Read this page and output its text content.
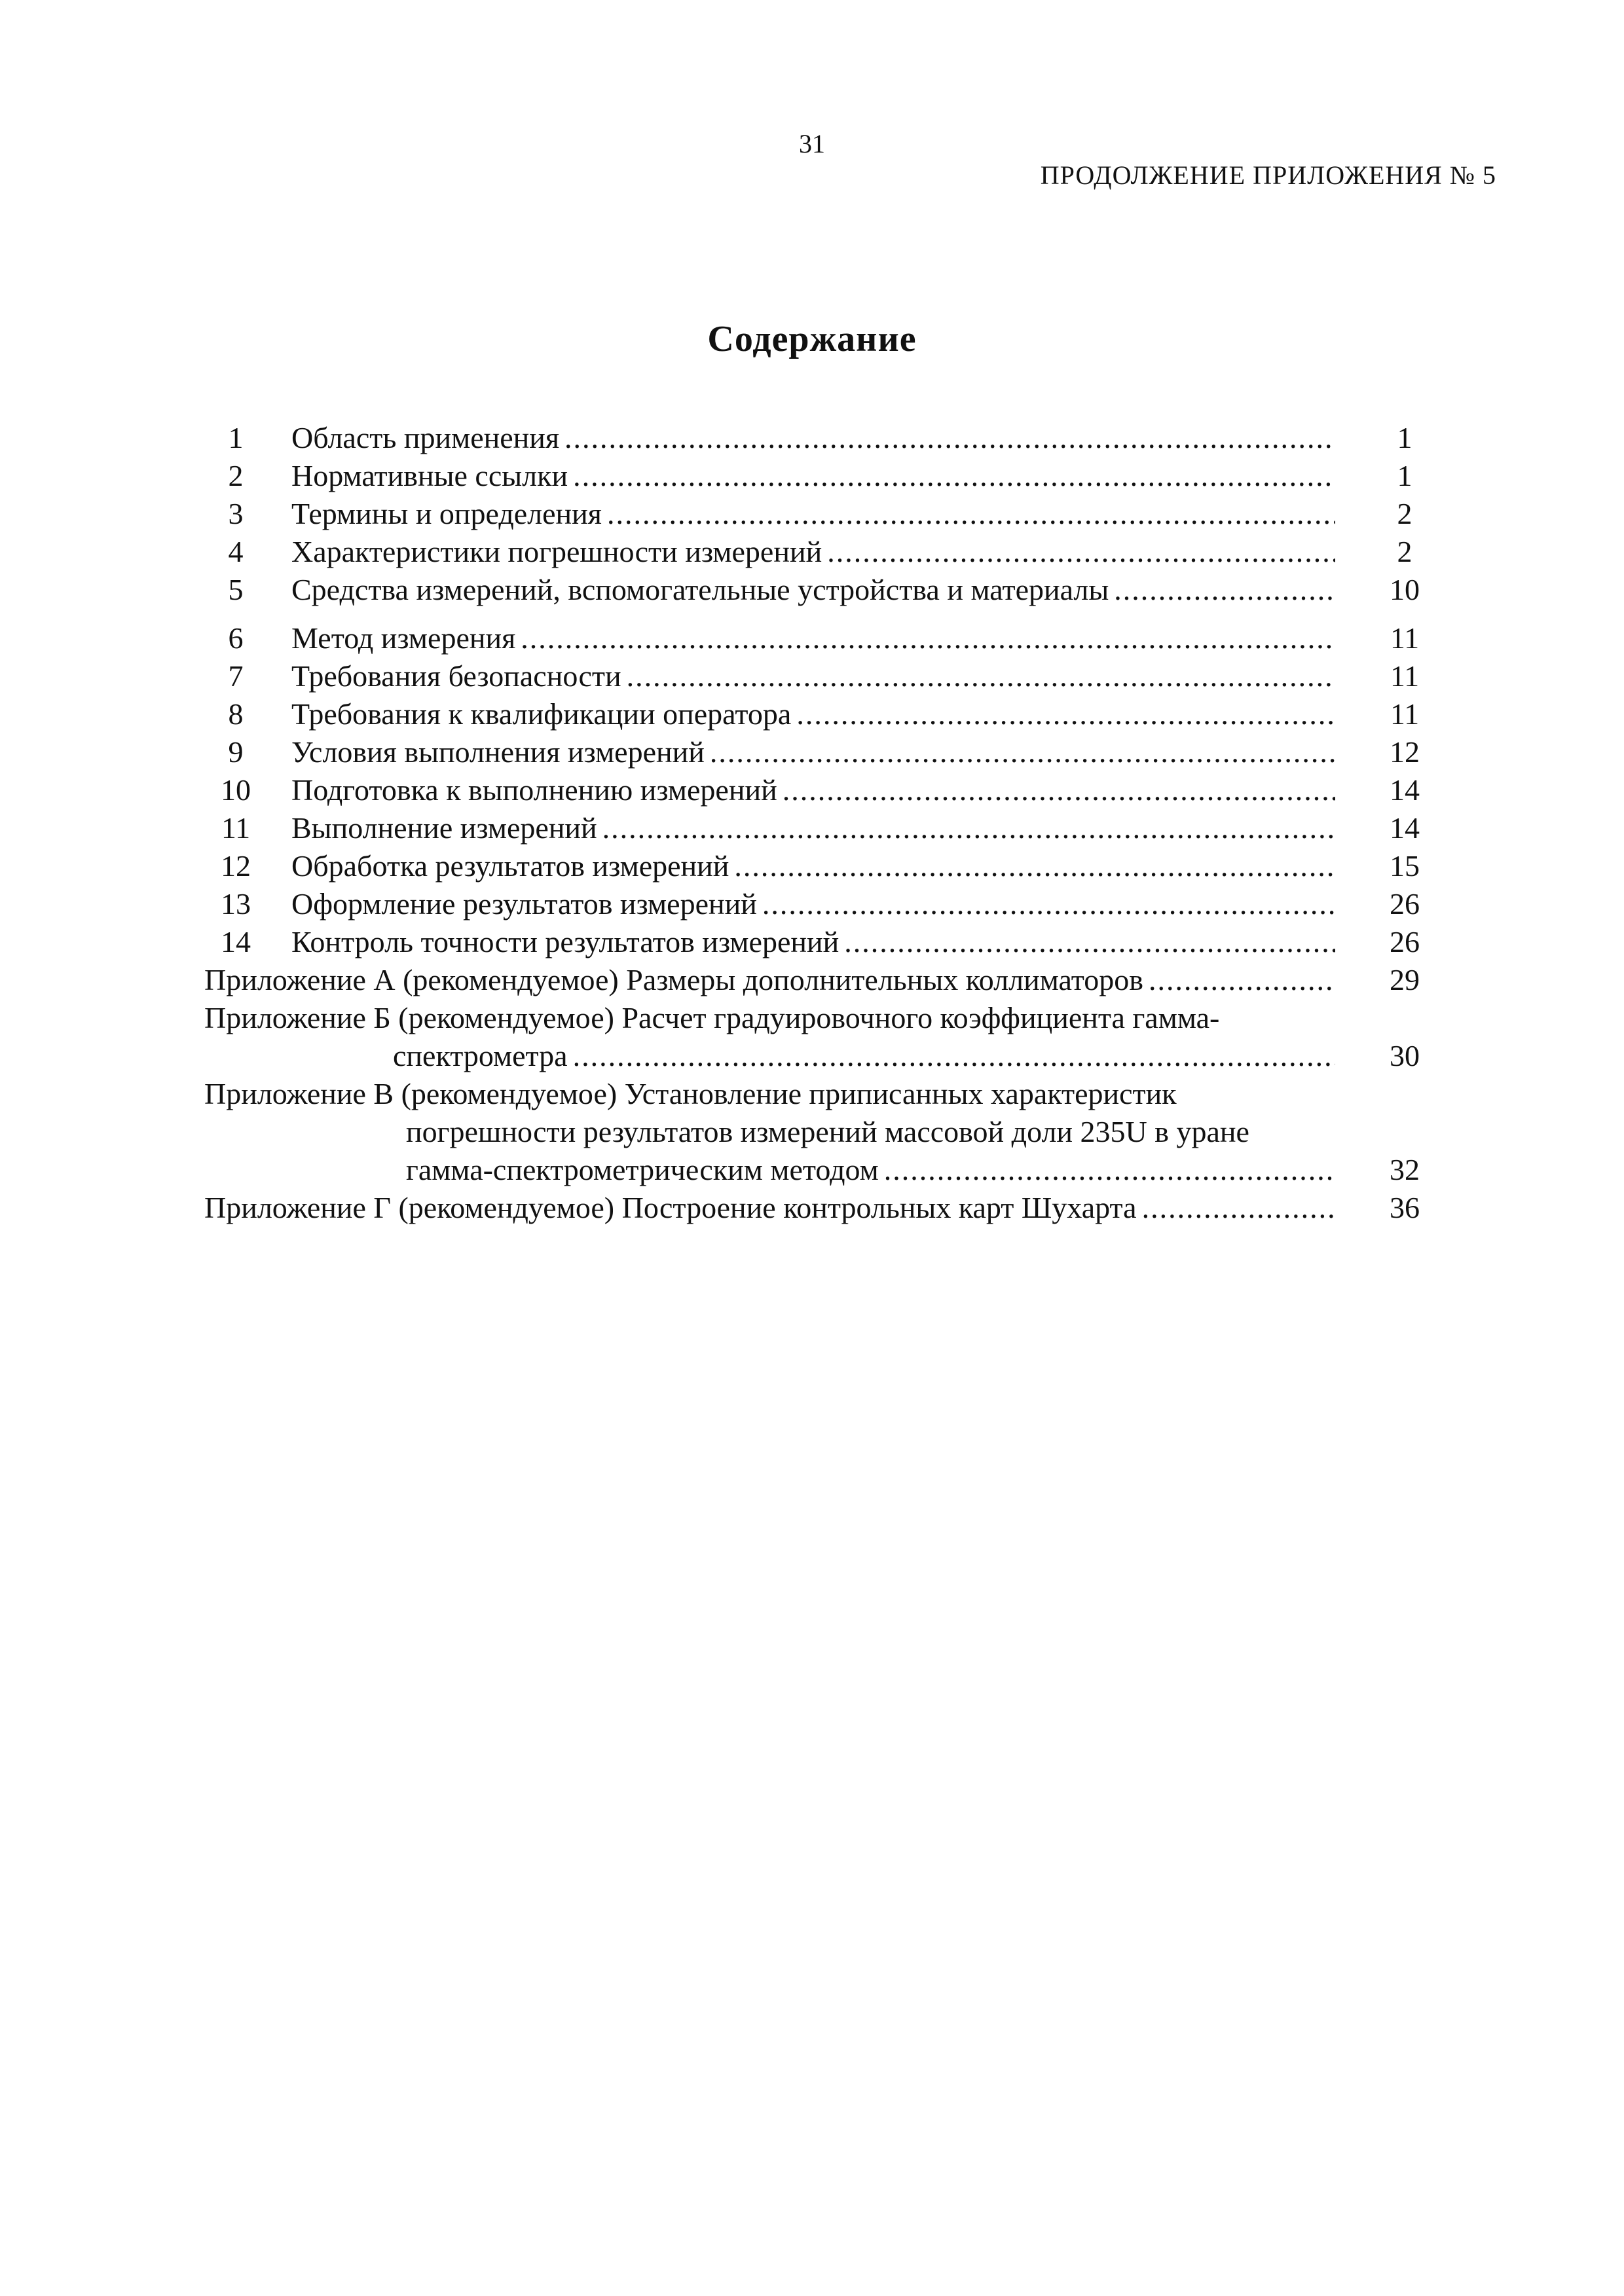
31
ПРОДОЛЖЕНИЕ ПРИЛОЖЕНИЯ № 5
Содержание
1	Область применения .....	1
2	Нормативные ссылки .....	1
3	Термины и определения .....	2
4	Характеристики погрешности измерений .....	2
5	Средства измерений, вспомогательные устройства и материалы .....	10
6	Метод измерения .....	11
7	Требования безопасности .....	11
8	Требования к квалификации оператора .....	11
9	Условия выполнения измерений .....	12
10	Подготовка к выполнению измерений .....	14
11	Выполнение измерений .....	14
12	Обработка результатов измерений .....	15
13	Оформление результатов измерений .....	26
14	Контроль точности результатов измерений .....	26
Приложение А (рекомендуемое) Размеры дополнительных коллиматоров .....	29
Приложение Б (рекомендуемое) Расчет градуировочного коэффициента гамма-
спектрометра .....	30
Приложение В (рекомендуемое) Установление приписанных характеристик
погрешности результатов измерений массовой доли 235U в уране
гамма-спектрометрическим методом .....	32
Приложение Г (рекомендуемое) Построение контрольных карт Шухарта .....	36
